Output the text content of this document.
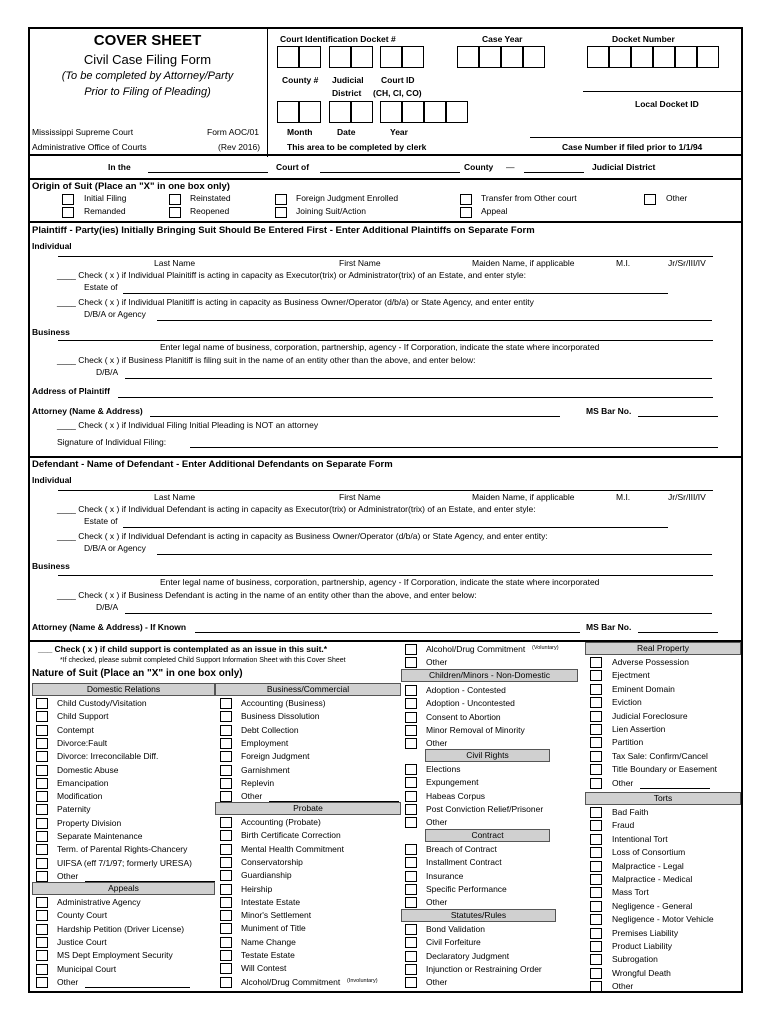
COVER SHEET
Civil Case Filing Form
(To be completed by Attorney/Party
Prior to Filing of Pleading)
Mississippi Supreme Court
Administrative Office of Courts
Form AOC/01
(Rev 2016)
Court Identification Docket #	Case Year	Docket Number
County # Judicial
District
Court ID
(CH, CI, CO)
Local Docket ID
Month	Date	Year
This area to be completed by clerk	Case Number if filed prior to 1/1/94
In the	Court of	County —	Judicial District
Origin of Suit (Place an "X" in one box only)
Initial Filing
Remanded
Reinstated
Reopened
Foreign Judgment Enrolled
Joining Suit/Action
Transfer from Other court
Appeal
Other
Plaintiff - Party(ies) Initially Bringing Suit Should Be Entered First - Enter Additional Plaintiffs on Separate Form
Individual
Last Name	First Name	Maiden Name, if applicable	M.I.	Jr/Sr/III/IV
____ Check ( x ) if Individual Plainitiff is acting in capacity as Executor(trix) or Administrator(trix) of an Estate, and enter style:
Estate of
____ Check ( x ) if Individual Planitiff is acting in capacity as Business Owner/Operator (d/b/a) or State Agency, and enter entity
D/B/A or Agency
Business
Enter legal name of business, corporation, partnership, agency - If Corporation, indicate the state where incorporated
____ Check ( x ) if Business Planitiff is filing suit in the name of an entity other than the above, and enter below:
D/B/A
Address of Plaintiff
Attorney (Name & Address)	MS Bar No.
____ Check ( x ) if Individual Filing Initial Pleading is NOT an attorney
Signature of Individual Filing:
Defendant - Name of Defendant - Enter Additional Defendants on Separate Form
Individual
Last Name	First Name	Maiden Name, if applicable	M.I.	Jr/Sr/III/IV
____ Check ( x ) if Individual Defendant is acting in capacity as Executor(trix) or Administrator(trix) of an Estate, and enter style:
Estate of
____ Check ( x ) if Individual Defendant is acting in capacity as Business Owner/Operator (d/b/a) or State Agency, and enter entity:
D/B/A or Agency
Business
Enter legal name of business, corporation, partnership, agency - If Corporation, indicate the state where incorporated
____ Check ( x ) if Business Defendant is acting in the name of an entity other than the above, and enter below:
D/B/A
Attorney (Name & Address) - If Known	MS Bar No.
___ Check ( x ) if child support is contemplated as an issue in this suit.*
*If checked, please submit completed Child Support Information Sheet with this Cover Sheet
Nature of Suit (Place an "X" in one box only)
Domestic Relations
Appeals
Business/Commercial
Probate
Children/Minors - Non-Domestic
Civil Rights
Contract
Statutes/Rules
Real Property
Torts
Child Custody/Visitation
Child Support
Contempt
Divorce:Fault
Divorce: Irreconcilable Diff.
Domestic Abuse
Emancipation
Modification
Paternity
Property Division
Separate Maintenance
Term. of Parental Rights-Chancery
UIFSA (eff 7/1/97; formerly URESA)
Other
Administrative Agency
County Court
Hardship Petition (Driver License)
Justice Court
MS Dept Employment Security
Municipal Court
Other
Accounting (Business)
Business Dissolution
Debt Collection
Employment
Foreign Judgment
Garnishment
Replevin
Other
Accounting (Probate)
Birth Certificate Correction
Mental Health Commitment
Conservatorship
Guardianship
Heirship
Intestate Estate
Minor's Settlement
Muniment of Title
Name Change
Testate Estate
Will Contest
Alcohol/Drug Commitment
Alcohol/Drug Commitment
Other
Adoption - Contested
Adoption - Uncontested
Consent to Abortion
Minor Removal of Minority
Other
Elections
Expungement
Habeas Corpus
Post Conviction Relief/Prisoner
Other
Breach of Contract
Installment Contract
Insurance
Specific Performance
Other
Bond Validation
Civil Forfeiture
Declaratory Judgment
Injunction or Restraining Order
Other
Adverse Possession
Ejectment
Eminent Domain
Eviction
Judicial Foreclosure
Lien Assertion
Partition
Tax Sale: Confirm/Cancel
Title Boundary or Easement
Other
Bad Faith
Fraud
Intentional Tort
Loss of Consortium
Malpractice - Legal
Malpractice - Medical
Mass Tort
Negligence - General
Negligence - Motor Vehicle
Premises Liability
Product Liability
Subrogation
Wrongful Death
Other
(Voluntary)
(Involuntary)
